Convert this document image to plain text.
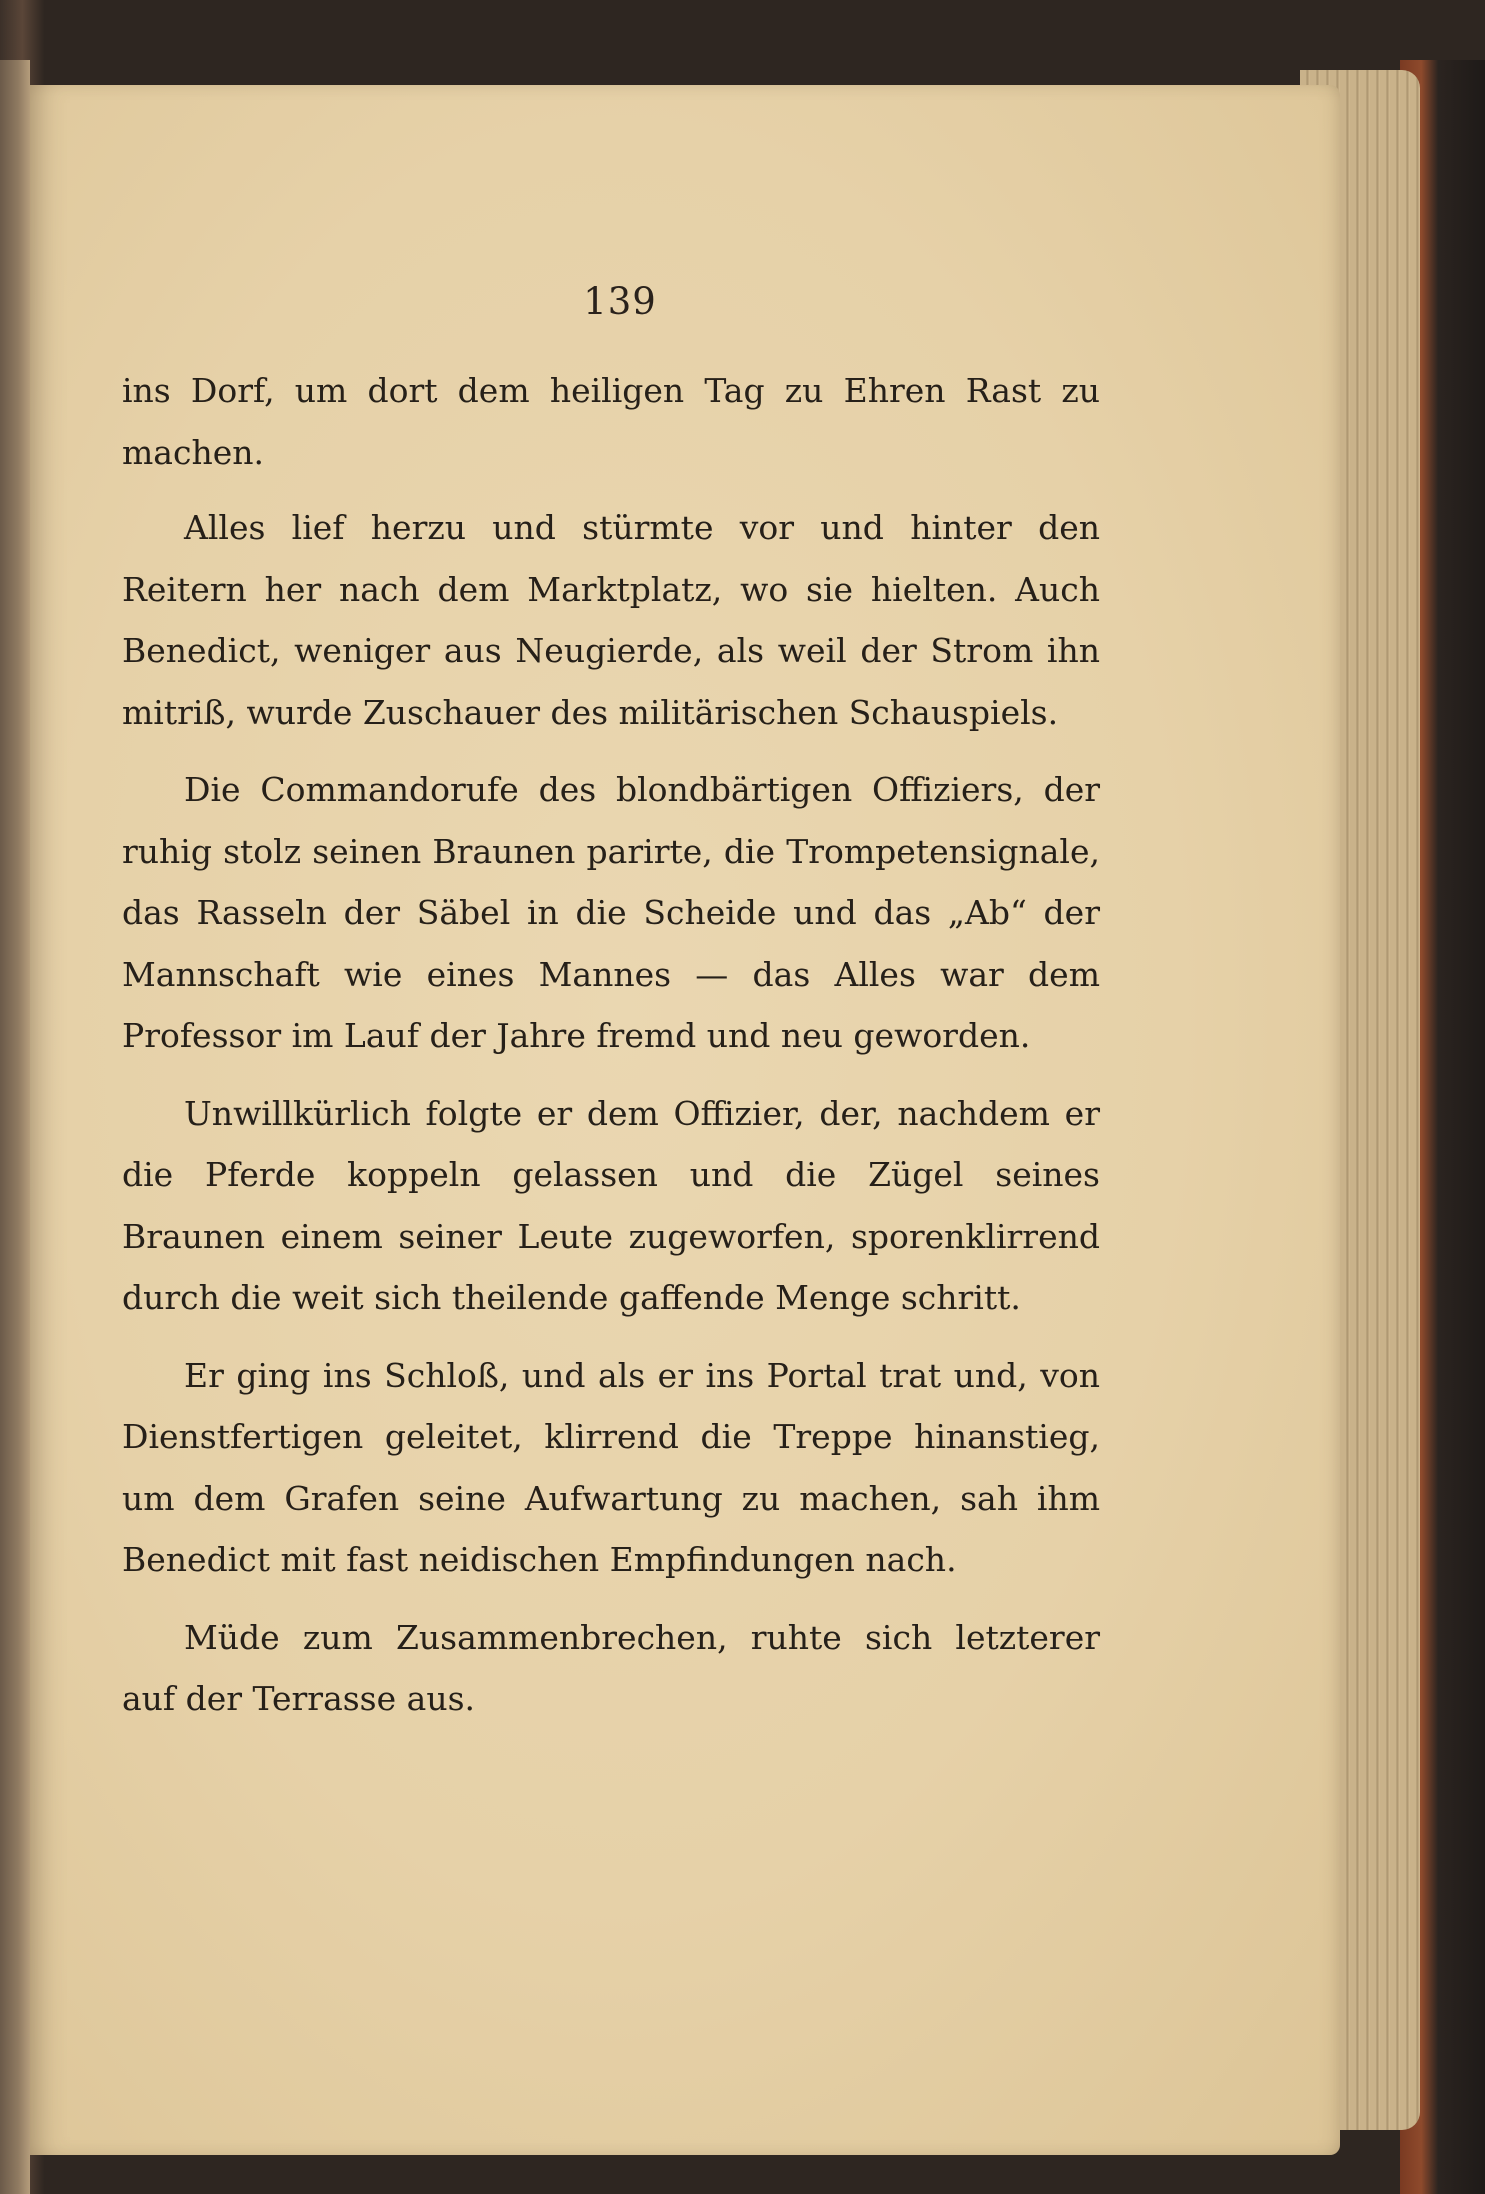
139

ins Dorf, um dort dem heiligen Tag zu Ehren Rast zu machen.

Alles lief herzu und stürmte vor und hinter den Reitern her nach dem Marktplatz, wo sie hielten. Auch Benedict, weniger aus Neugierde, als weil der Strom ihn mitriß, wurde Zuschauer des militärischen Schauspiels.

Die Commandorufe des blondbärtigen Offiziers, der ruhig stolz seinen Braunen parirte, die Trompetensignale, das Rasseln der Säbel in die Scheide und das „Ab“ der Mannschaft wie eines Mannes — das Alles war dem Professor im Lauf der Jahre fremd und neu geworden.

Unwillkürlich folgte er dem Offizier, der, nachdem er die Pferde koppeln gelassen und die Zügel seines Braunen einem seiner Leute zugeworfen, sporenklirrend durch die weit sich theilende gaffende Menge schritt.

Er ging ins Schloß, und als er ins Portal trat und, von Dienstfertigen geleitet, klirrend die Treppe hinanstieg, um dem Grafen seine Aufwartung zu machen, sah ihm Benedict mit fast neidischen Empfindungen nach.

Müde zum Zusammenbrechen, ruhte sich letzterer auf der Terrasse aus.
